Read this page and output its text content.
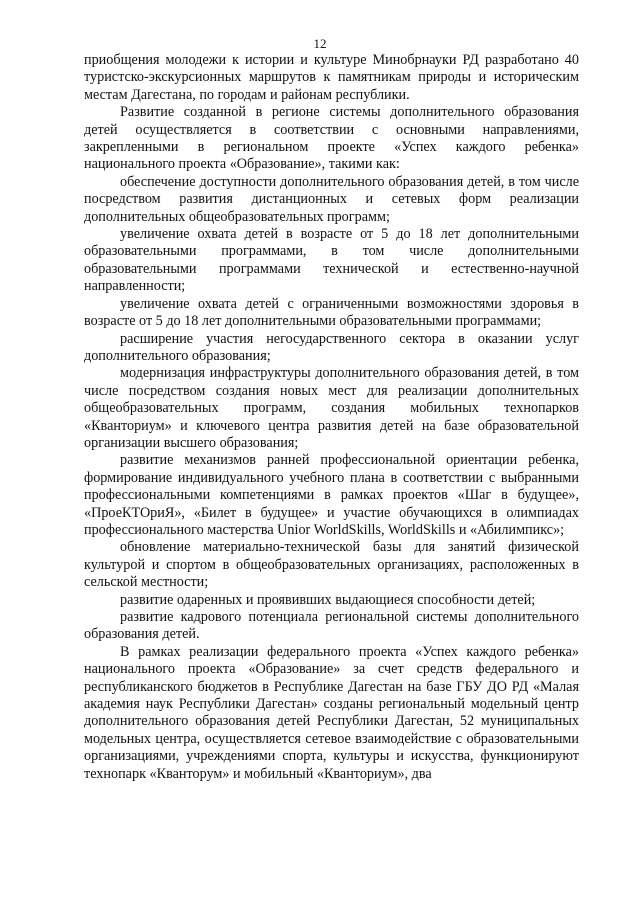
12

приобщения молодежи к истории и культуре Минобрнауки РД разработано 40 туристско-экскурсионных маршрутов к памятникам природы и историческим местам Дагестана, по городам и районам республики.

Развитие созданной в регионе системы дополнительного образования детей осуществляется в соответствии с основными направлениями, закрепленными в региональном проекте «Успех каждого ребенка» национального проекта «Образование», такими как:

обеспечение доступности дополнительного образования детей, в том числе посредством развития дистанционных и сетевых форм реализации дополнительных общеобразовательных программ;

увеличение охвата детей в возрасте от 5 до 18 лет дополнительными образовательными программами, в том числе дополнительными образовательными программами технической и естественно-научной направленности;

увеличение охвата детей с ограниченными возможностями здоровья в возрасте от 5 до 18 лет дополнительными образовательными программами;

расширение участия негосударственного сектора в оказании услуг дополнительного образования;

модернизация инфраструктуры дополнительного образования детей, в том числе посредством создания новых мест для реализации дополнительных общеобразовательных программ, создания мобильных технопарков «Кванториум» и ключевого центра развития детей на базе образовательной организации высшего образования;

развитие механизмов ранней профессиональной ориентации ребенка, формирование индивидуального учебного плана в соответствии с выбранными профессиональными компетенциями в рамках проектов «Шаг в будущее», «ПроеКТОриЯ», «Билет в будущее» и участие обучающихся в олимпиадах профессионального мастерства Unior WorldSkills, WorldSkills и «Абилимпикс»;

обновление материально-технической базы для занятий физической культурой и спортом в общеобразовательных организациях, расположенных в сельской местности;

развитие одаренных и проявивших выдающиеся способности детей;

развитие кадрового потенциала региональной системы дополнительного образования детей.

В рамках реализации федерального проекта «Успех каждого ребенка» национального проекта «Образование» за счет средств федерального и республиканского бюджетов в Республике Дагестан на базе ГБУ ДО РД «Малая академия наук Республики Дагестан» созданы региональный модельный центр дополнительного образования детей Республики Дагестан, 52 муниципальных модельных центра, осуществляется сетевое взаимодействие с образовательными организациями, учреждениями спорта, культуры и искусства, функционируют технопарк «Кванторум» и мобильный «Кванториум», два
